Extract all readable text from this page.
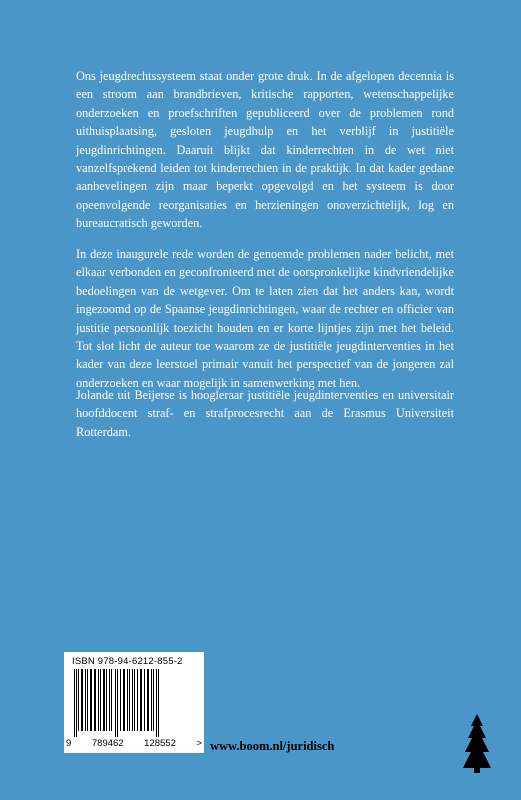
Ons jeugdrechtssysteem staat onder grote druk. In de afgelopen decennia is een stroom aan brandbrieven, kritische rapporten, wetenschappelijke onderzoeken en proefschriften gepubliceerd over de problemen rond uithuisplaatsing, gesloten jeugdhulp en het verblijf in justitiële jeugdinrichtingen. Daaruit blijkt dat kinderrechten in de wet niet vanzelfsprekend leiden tot kinderrechten in de praktijk. In dat kader gedane aanbevelingen zijn maar beperkt opgevolgd en het systeem is door opeenvolgende reorganisaties en herzieningen onoverzichtelijk, log en bureaucratisch geworden.

In deze inaugurele rede worden de genoemde problemen nader belicht, met elkaar verbonden en geconfronteerd met de oorspronkelijke kindvriendelijke bedoelingen van de wetgever. Om te laten zien dat het anders kan, wordt ingezoomd op de Spaanse jeugdinrichtingen, waar de rechter en officier van justitie persoonlijk toezicht houden en er korte lijntjes zijn met het beleid. Tot slot licht de auteur toe waarom ze de justitiële jeugdinterventies in het kader van deze leerstoel primair vanuit het perspectief van de jongeren zal onderzoeken en waar mogelijk in samenwerking met hen.

Jolande uit Beijerse is hoogleraar justitiële jeugdinterventies en universitair hoofddocent straf- en strafprocesrecht aan de Erasmus Universiteit Rotterdam.

ISBN 978-94-6212-855-2
9 789462 128552 > www.boom.nl/juridisch
